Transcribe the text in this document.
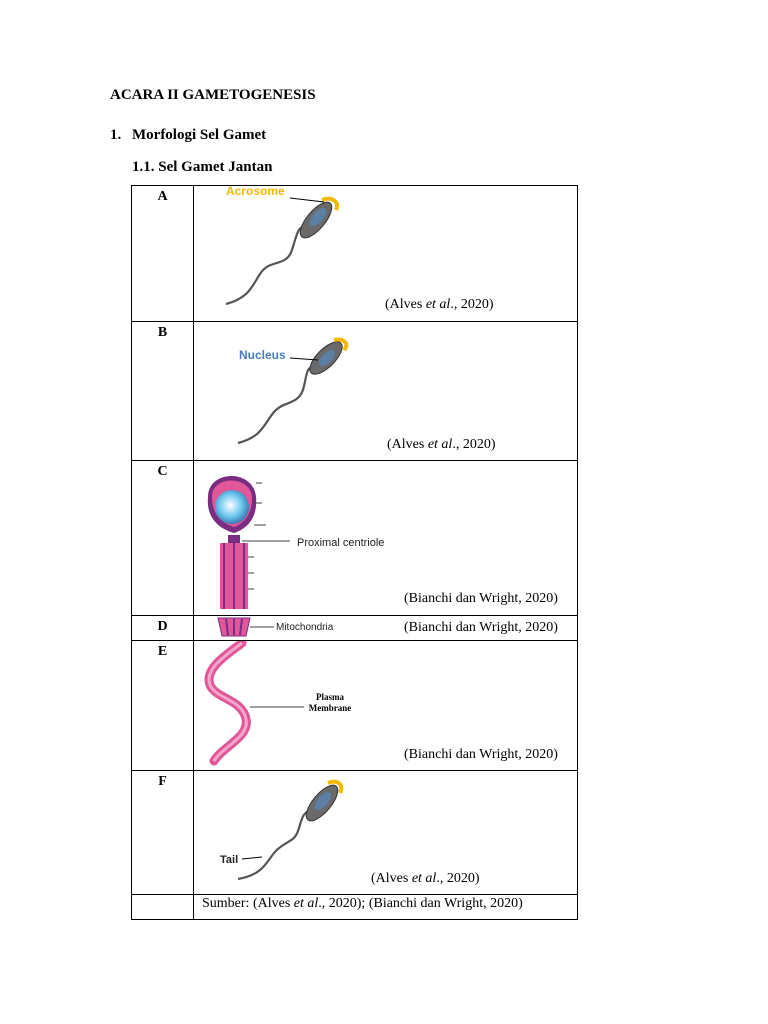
ACARA II GAMETOGENESIS
1. Morfologi Sel Gamet
1.1. Sel Gamet Jantan
A	Acrosome
(Alves et al., 2020)

B	Nucleus
(Alves et al., 2020)

C	Proximal centriole
(Bianchi dan Wright, 2020)

D	Mitochondria (Bianchi dan Wright, 2020)

E	Plasma
Membrane
(Bianchi dan Wright, 2020)

F	Tail
(Alves et al., 2020)

	Sumber: (Alves et al., 2020); (Bianchi dan Wright, 2020)
